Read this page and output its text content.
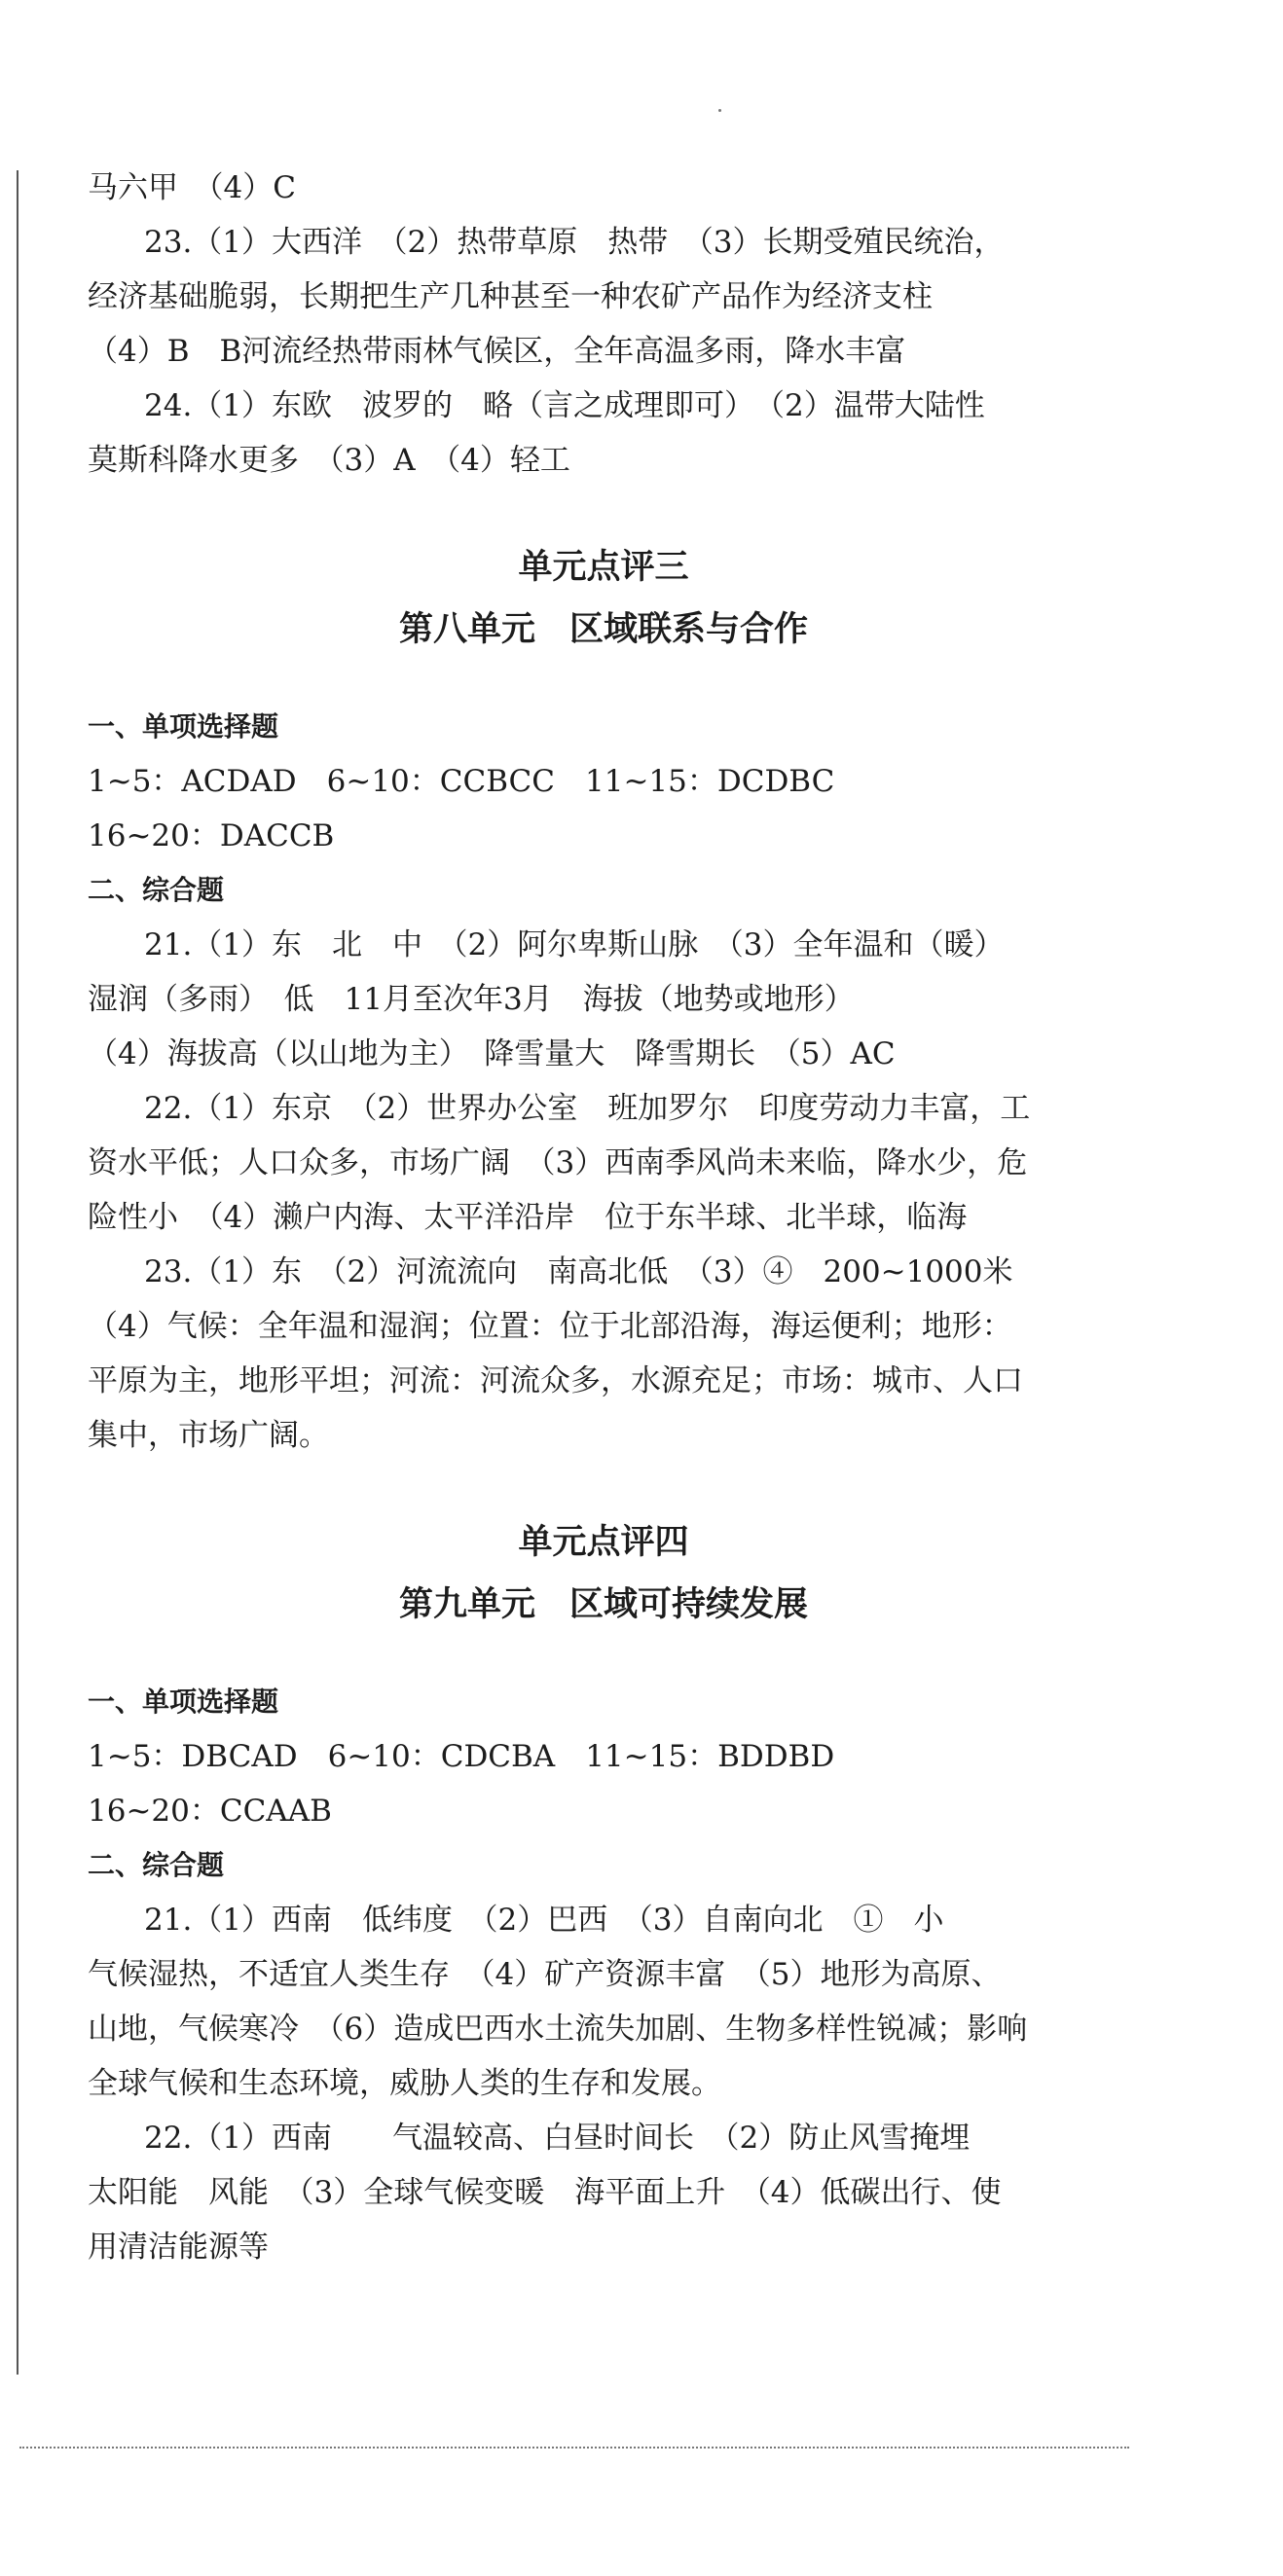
马六甲　（4）C
23.（1）大西洋　（2）热带草原　热带　（3）长期受殖民统治，
经济基础脆弱，长期把生产几种甚至一种农矿产品作为经济支柱
（4）B　B河流经热带雨林气候区，全年高温多雨，降水丰富
24.（1）东欧　波罗的　略（言之成理即可）　（2）温带大陆性
莫斯科降水更多　（3）A　（4）轻工
单元点评三
第八单元　区域联系与合作
一、单项选择题
1~5：ACDAD　6~10：CCBCC　11~15：DCDBC
16~20：DACCB
二、综合题
21.（1）东　北　中　（2）阿尔卑斯山脉　（3）全年温和（暖）
湿润（多雨）　低　11月至次年3月　海拔（地势或地形）
（4）海拔高（以山地为主）　降雪量大　降雪期长　（5）AC
22.（1）东京　（2）世界办公室　班加罗尔　印度劳动力丰富，工
资水平低；人口众多，市场广阔　（3）西南季风尚未来临，降水少，危
险性小　（4）濑户内海、太平洋沿岸　位于东半球、北半球，临海
23.（1）东　（2）河流流向　南高北低　（3）④　200~1000米
（4）气候：全年温和湿润；位置：位于北部沿海，海运便利；地形：
平原为主，地形平坦；河流：河流众多，水源充足；市场：城市、人口
集中，市场广阔。
单元点评四
第九单元　区域可持续发展
一、单项选择题
1~5：DBCAD　6~10：CDCBA　11~15：BDDBD
16~20：CCAAB
二、综合题
21.（1）西南　低纬度　（2）巴西　（3）自南向北　①　小
气候湿热，不适宜人类生存　（4）矿产资源丰富　（5）地形为高原、
山地，气候寒冷　（6）造成巴西水土流失加剧、生物多样性锐减；影响
全球气候和生态环境，威胁人类的生存和发展。
22.（1）西南　　气温较高、白昼时间长　（2）防止风雪掩埋
太阳能　风能　（3）全球气候变暖　海平面上升　（4）低碳出行、使
用清洁能源等
